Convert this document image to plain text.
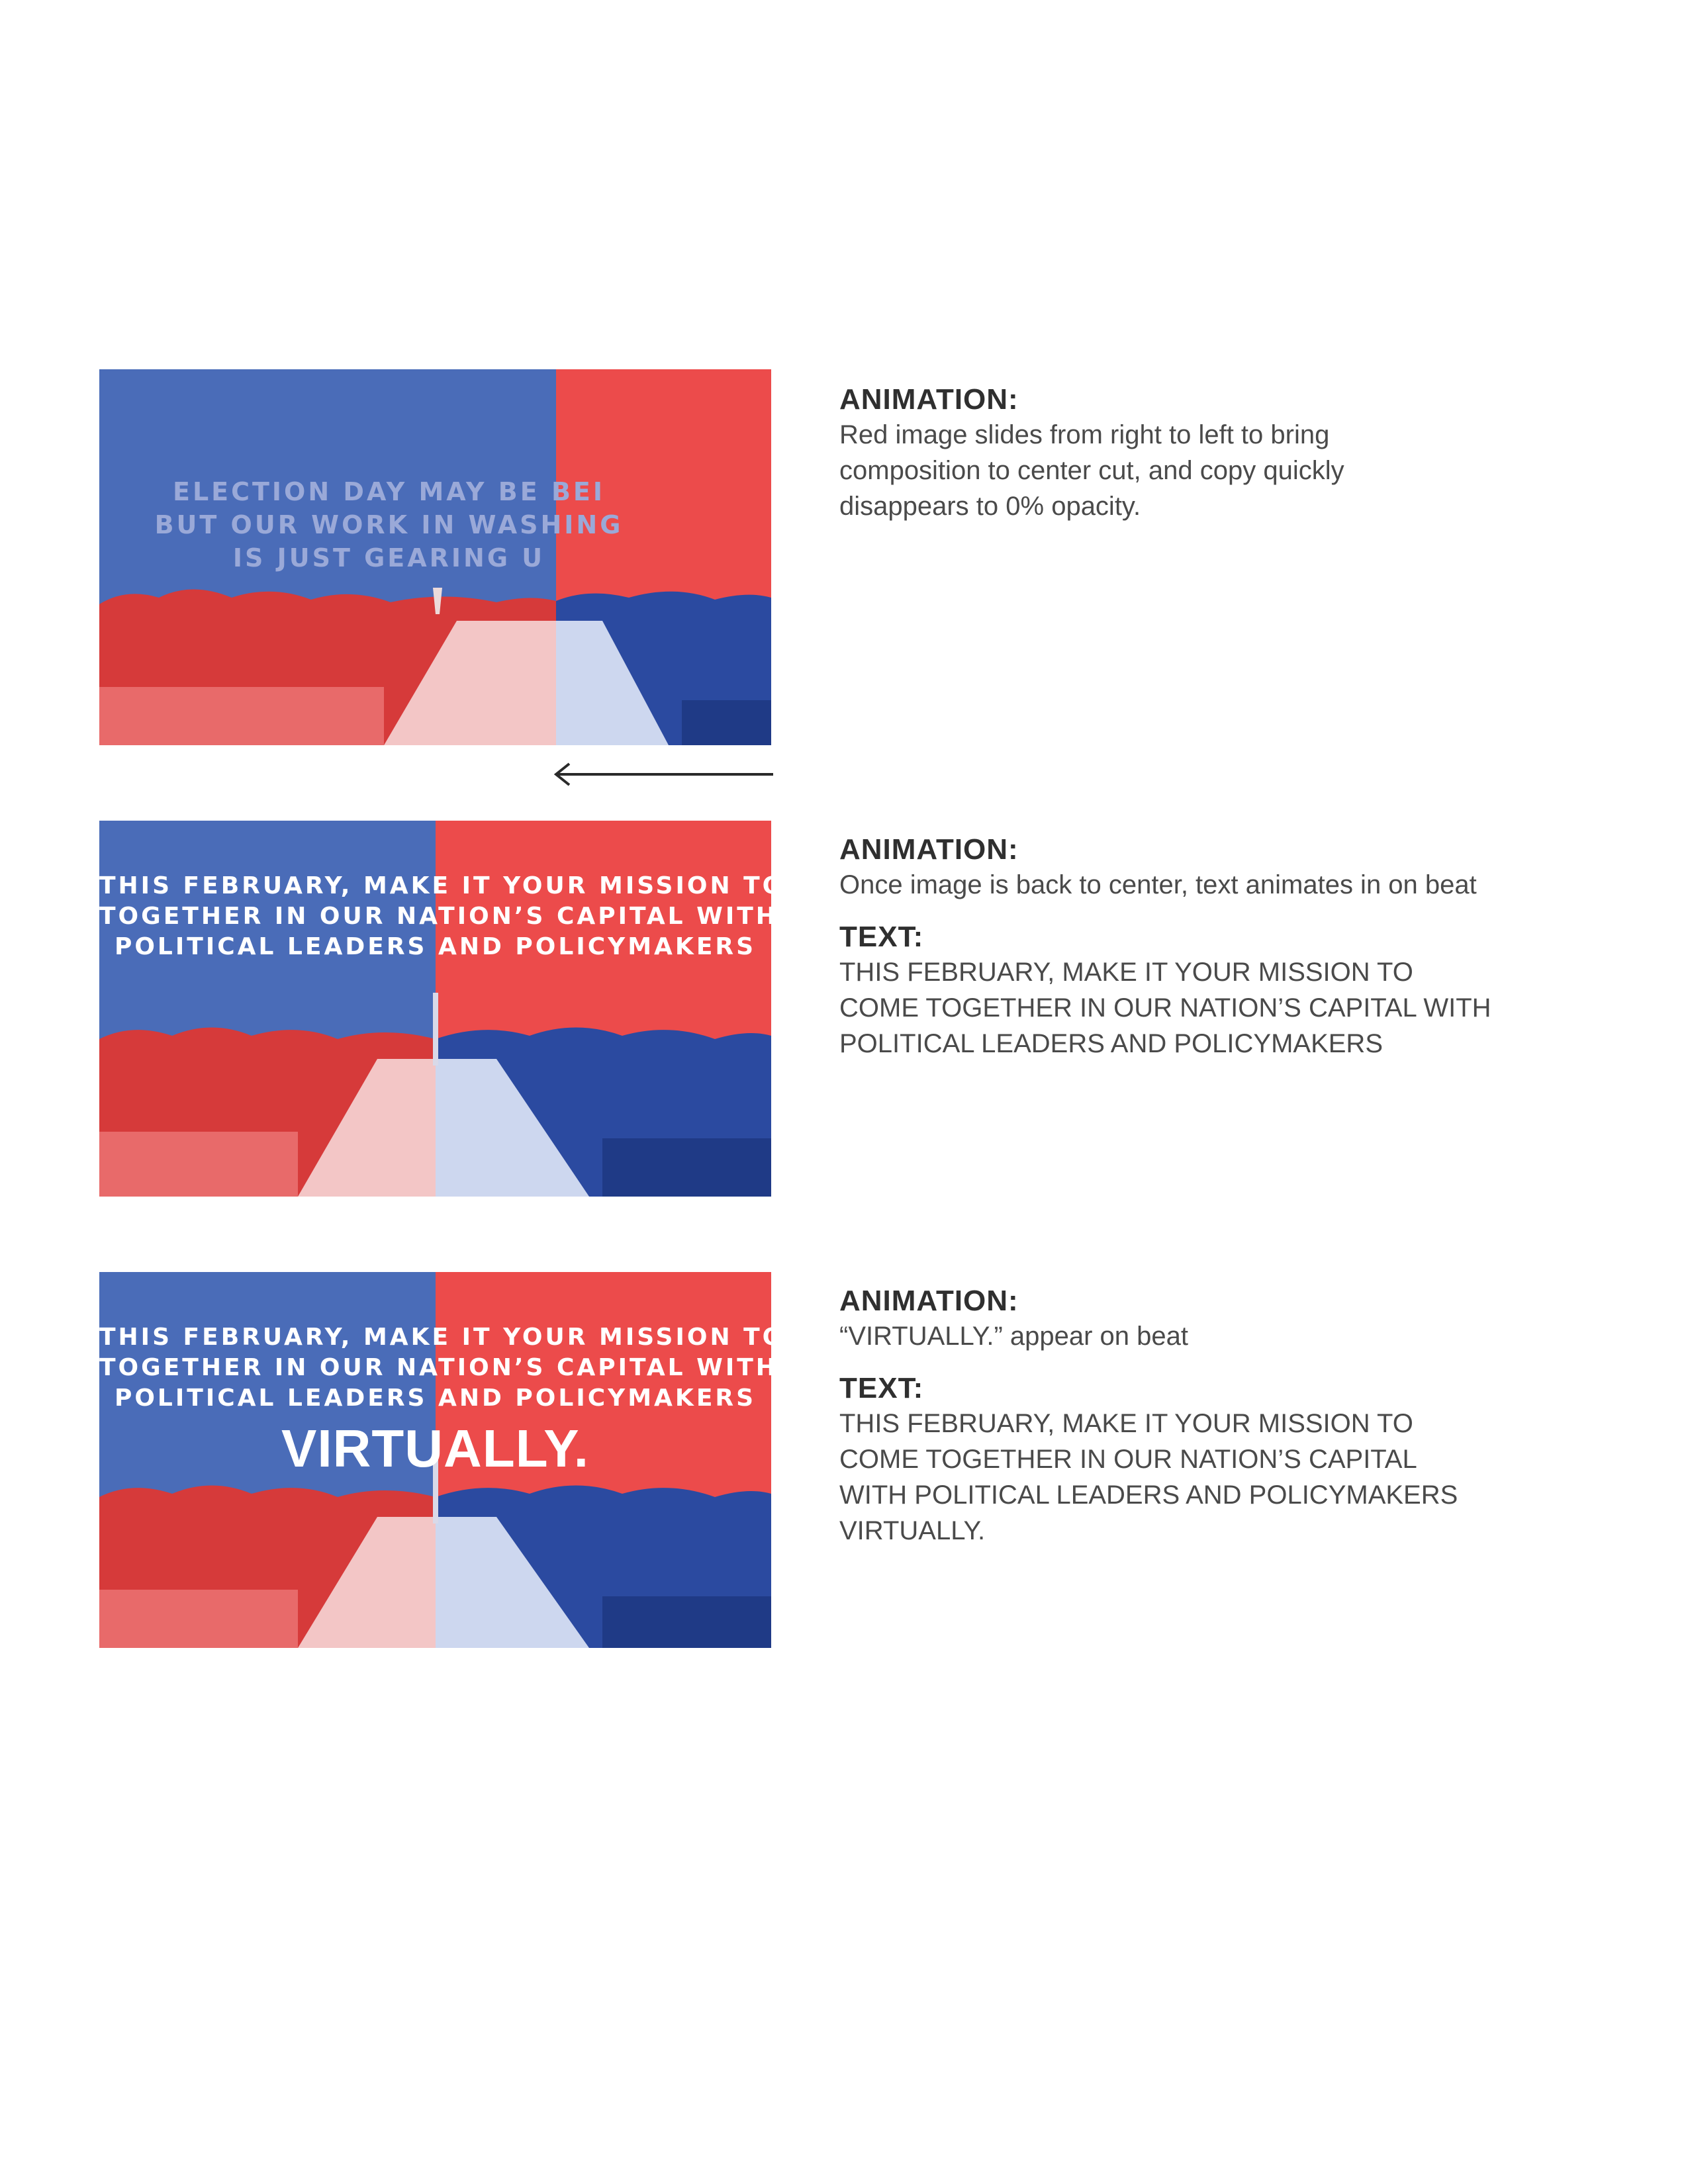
ELECTION DAY MAY BE BEI
BUT OUR WORK IN WASHING
IS JUST GEARING U
THIS FEBRUARY, MAKE IT YOUR MISSION TO COME
TOGETHER IN OUR NATION’S CAPITAL WITH
POLITICAL LEADERS AND POLICYMAKERS
THIS FEBRUARY, MAKE IT YOUR MISSION TO COME
TOGETHER IN OUR NATION’S CAPITAL WITH
POLITICAL LEADERS AND POLICYMAKERS
VIRTUALLY.
ANIMATION:
Red image slides from right to left to bring
composition to center cut, and copy quickly
disappears to 0% opacity.
ANIMATION:
Once image is back to center, text animates in on beat
TEXT:
THIS FEBRUARY, MAKE IT YOUR MISSION TO
COME TOGETHER IN OUR NATION’S CAPITAL WITH
POLITICAL LEADERS AND POLICYMAKERS
ANIMATION:
“VIRTUALLY.” appear on beat
TEXT:
THIS FEBRUARY, MAKE IT YOUR MISSION TO
COME TOGETHER IN OUR NATION’S CAPITAL
WITH POLITICAL LEADERS AND POLICYMAKERS
VIRTUALLY.
